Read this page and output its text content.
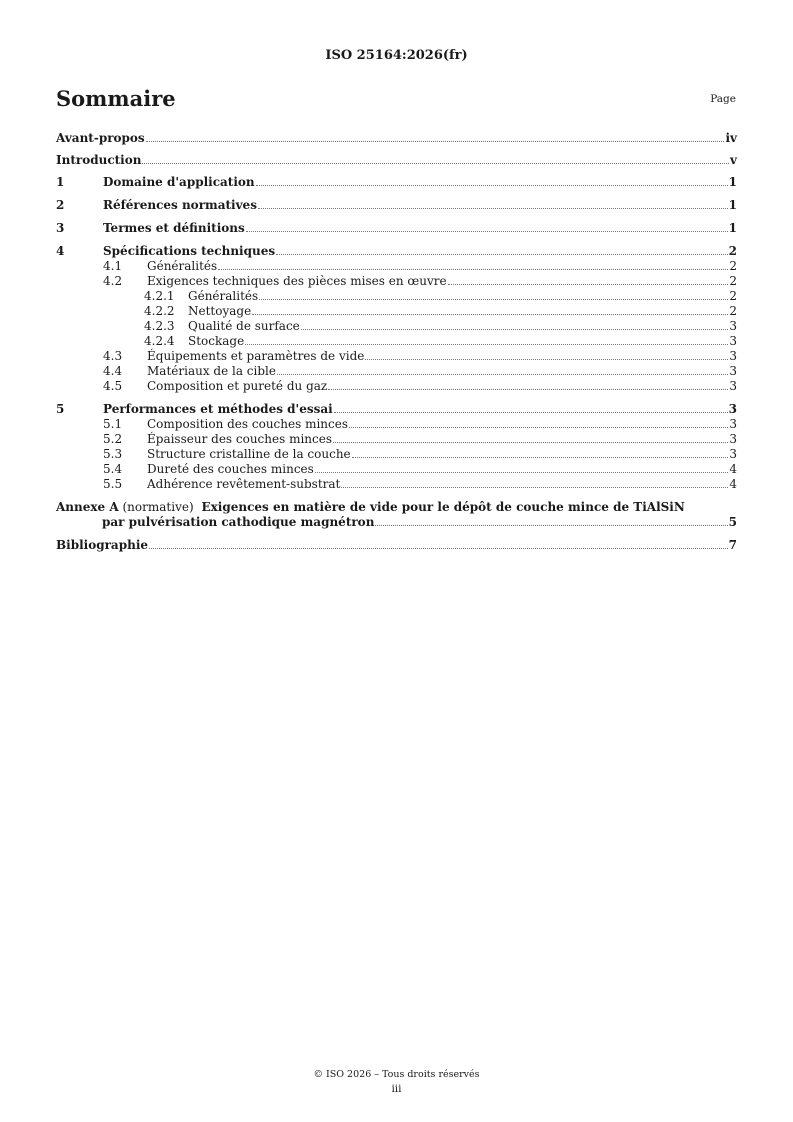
ISO 25164:2026(fr)
Sommaire	Page
Avant-propos	iv
Introduction	v
1	Domaine d'application	1
2	Références normatives	1
3	Termes et définitions	1
4	Spécifications techniques	2
4.1	Généralités	2
4.2	Exigences techniques des pièces mises en œuvre	2
4.2.1	Généralités	2
4.2.2	Nettoyage	2
4.2.3	Qualité de surface	3
4.2.4	Stockage	3
4.3	Équipements et paramètres de vide	3
4.4	Matériaux de la cible	3
4.5	Composition et pureté du gaz	3
5	Performances et méthodes d'essai	3
5.1	Composition des couches minces	3
5.2	Épaisseur des couches minces	3
5.3	Structure cristalline de la couche	3
5.4	Dureté des couches minces	4
5.5	Adhérence revêtement-substrat	4
Annexe A (normative) Exigences en matière de vide pour le dépôt de couche mince de TiAlSiN
par pulvérisation cathodique magnétron	5
Bibliographie	7
© ISO 2026 – Tous droits réservés
iii
